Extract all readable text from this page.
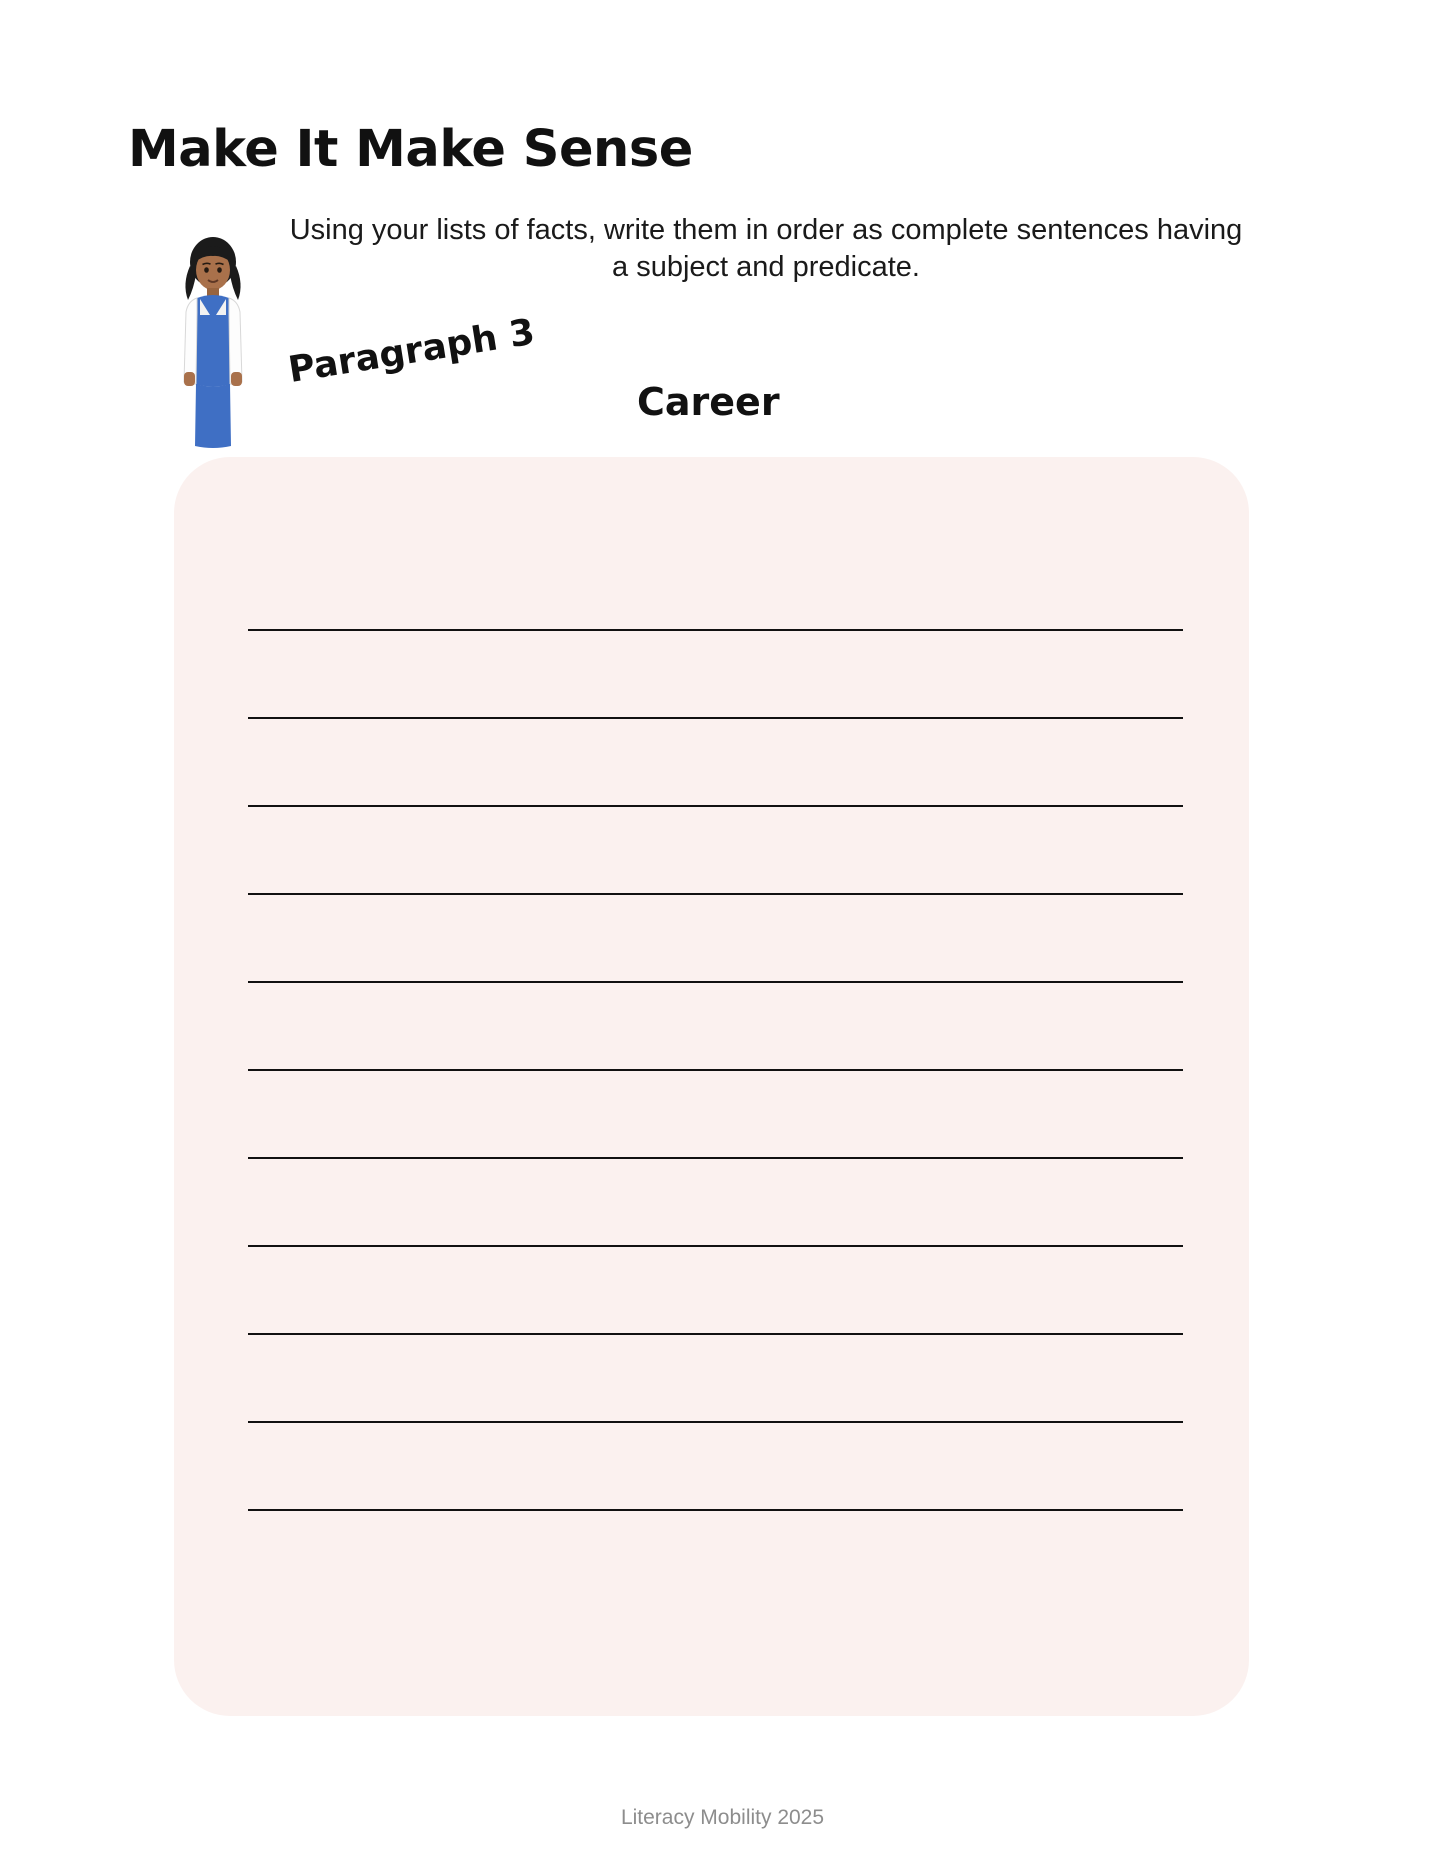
Make It Make Sense
Using your lists of facts, write them in order as complete sentences having a subject and predicate.
Paragraph 3
Career
Literacy Mobility 2025
